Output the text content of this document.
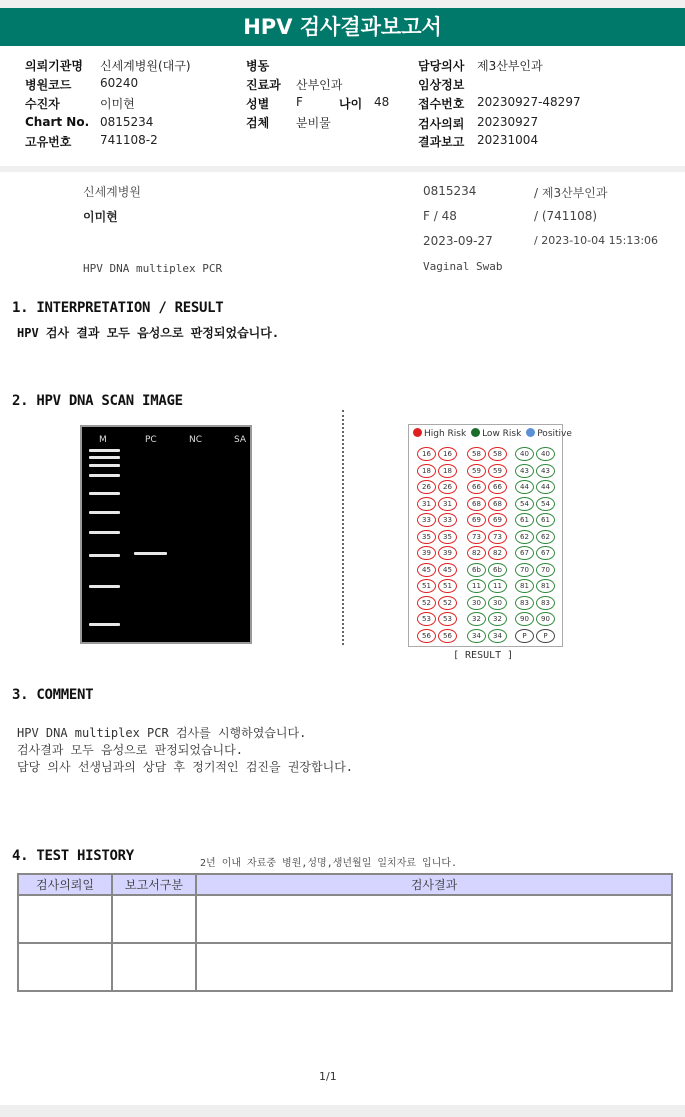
HPV 검사결과보고서
의뢰기관명 신세계병원(대구)
병원코드 60240
수진자	이미현
Chart No. 0815234
고유번호 741108-2
병동
진료과 산부인과
성별 F	나이 48
검체 분비물
담당의사 제3산부인과
임상정보
접수번호 20230927-48297
검사의뢰 20230927
결과보고 20231004
신세계병원
이미현
HPV DNA multiplex PCR
0815234	/ 제3산부인과
F / 48	/ (741108)
2023-09-27	/ 2023-10-04 15:13:06
Vaginal Swab
1. INTERPRETATION / RESULT
HPV 검사 결과 모두 음성으로 판정되었습니다.
2. HPV DNA SCAN IMAGE
M	PC	NC	SA
High Risk Low Risk Positive
16	16	58	58	40	40
18	18	59	59	43	43
26	26	66	66	44	44
31	31	68	68	54	54
33	33	69	69	61	61
35	35	73	73	62	62
39	39	82	82	67	67
45	45	6b	6b	70	70
51	51	11	11	81	81
52	52	30	30	83	83
53	53	32	32	90	90
56	56	34	34	P	P
[ RESULT ]
3. COMMENT
HPV DNA multiplex PCR 검사를 시행하였습니다.
검사결과 모두 음성으로 판정되었습니다.
담당 의사 선생님과의 상담 후 정기적인 검진을 권장합니다.
4. TEST HISTORY	2년 이내 자료중 병원,성명,생년월일 일치자료 입니다.
검사의뢰일	보고서구분	검사결과

1/1
